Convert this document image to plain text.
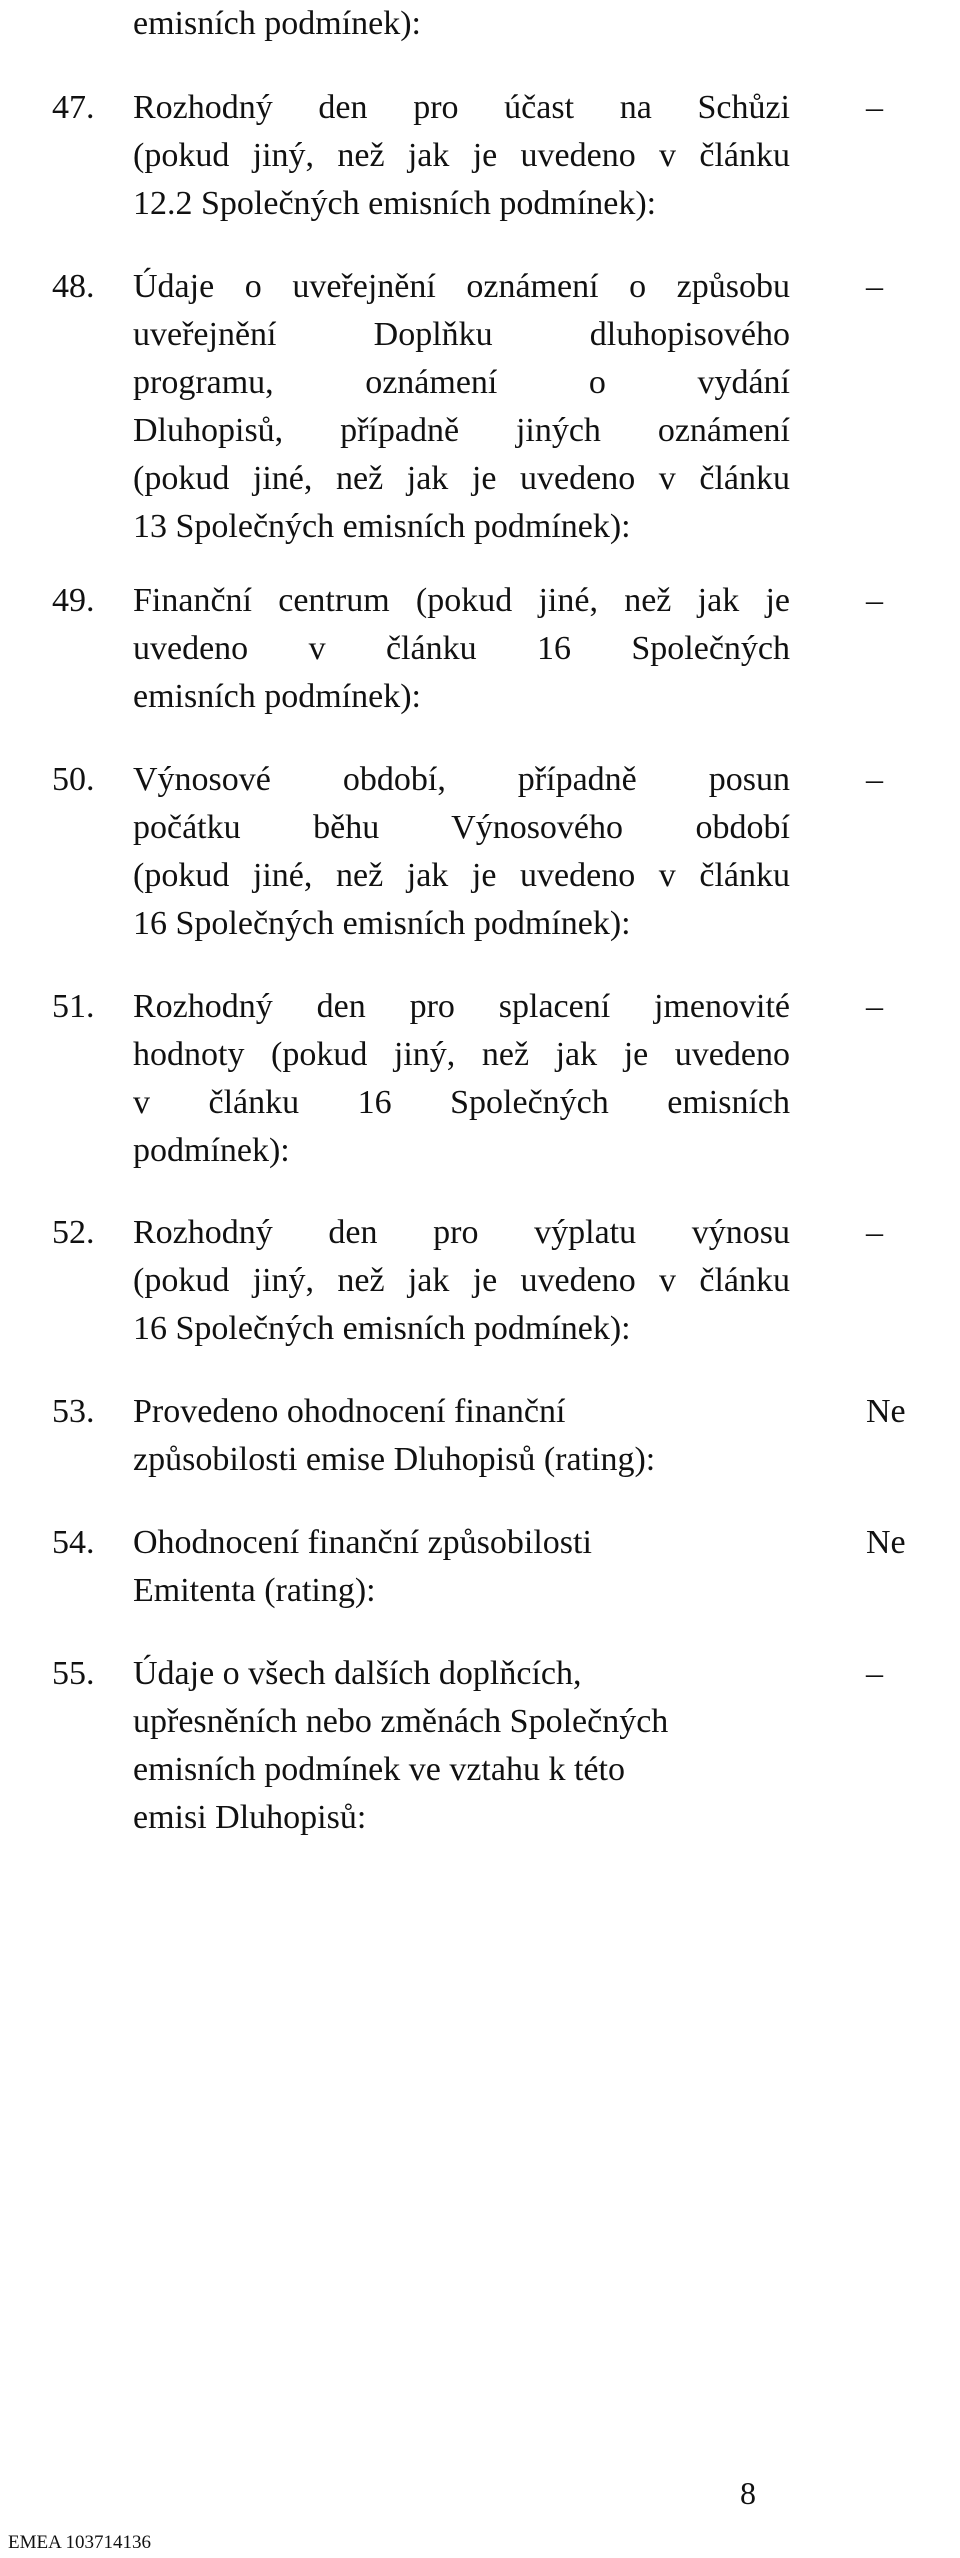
emisních podmínek):

47. Rozhodný den pro účast na Schůzi
(pokud jiný, než jak je uvedeno v článku
12.2 Společných emisních podmínek):

–
48. Údaje o uveřejnění oznámení o způsobu
uveřejnění Doplňku dluhopisového
programu, oznámení o vydání
Dluhopisů, případně jiných oznámení
(pokud jiné, než jak je uvedeno v článku
13 Společných emisních podmínek):

–
49. Finanční centrum (pokud jiné, než jak je
uvedeno v článku 16 Společných
emisních podmínek):

–
50. Výnosové období, případně posun
počátku běhu Výnosového období
(pokud jiné, než jak je uvedeno v článku
16 Společných emisních podmínek):

–
51. Rozhodný den pro splacení jmenovité
hodnoty (pokud jiný, než jak je uvedeno
v článku 16 Společných emisních
podmínek):

–
52. Rozhodný den pro výplatu výnosu
(pokud jiný, než jak je uvedeno v článku
16 Společných emisních podmínek):

–
53. Provedeno ohodnocení finanční
způsobilosti emise Dluhopisů (rating):

Ne
54. Ohodnocení finanční způsobilosti
Emitenta (rating):

Ne
55. Údaje o všech dalších doplňcích,
upřesněních nebo změnách Společných
emisních podmínek ve vztahu k této
emisi Dluhopisů:

–
8
EMEA 103714136
